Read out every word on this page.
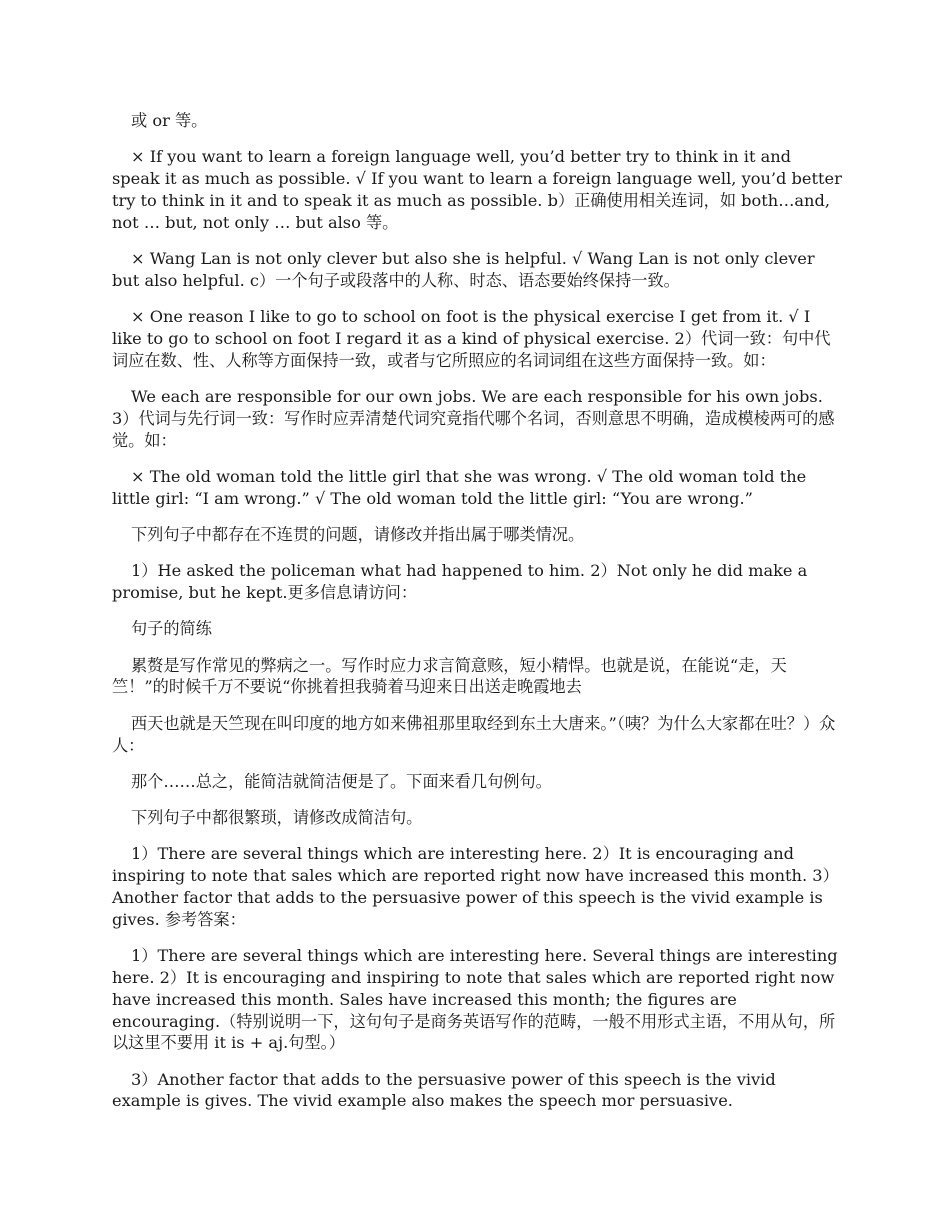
或 or 等。

× If you want to learn a foreign language well, you’d better try to think in it and speak it as much as possible. √ If you want to learn a foreign language well, you’d better try to think in it and to speak it as much as possible. b）正确使用相关连词，如 both…and, not … but, not only … but also 等。

× Wang Lan is not only clever but also she is helpful. √ Wang Lan is not only clever but also helpful. c）一个句子或段落中的人称、时态、语态要始终保持一致。

× One reason I like to go to school on foot is the physical exercise I get from it. √ I like to go to school on foot I regard it as a kind of physical exercise. 2）代词一致：句中代词应在数、性、人称等方面保持一致，或者与它所照应的名词词组在这些方面保持一致。如：

We each are responsible for our own jobs. We are each responsible for his own jobs. 3）代词与先行词一致：写作时应弄清楚代词究竟指代哪个名词，否则意思不明确，造成模棱两可的感觉。如：

× The old woman told the little girl that she was wrong. √ The old woman told the little girl: “I am wrong.” √ The old woman told the little girl: “You are wrong.”

下列句子中都存在不连贯的问题，请修改并指出属于哪类情况。

1）He asked the policeman what had happened to him. 2）Not only he did make a promise, but he kept.更多信息请访问：

句子的简练

累赘是写作常见的弊病之一。写作时应力求言简意赅，短小精悍。也就是说，在能说“走，天竺！”的时候千万不要说“你挑着担我骑着马迎来日出送走晚霞地去

西天也就是天竺现在叫印度的地方如来佛祖那里取经到东土大唐来。”（咦？为什么大家都在吐？）众人：

那个……总之，能简洁就简洁便是了。下面来看几句例句。

下列句子中都很繁琐，请修改成简洁句。

1）There are several things which are interesting here. 2）It is encouraging and inspiring to note that sales which are reported right now have increased this month. 3）Another factor that adds to the persuasive power of this speech is the vivid example is gives. 参考答案：

1）There are several things which are interesting here. Several things are interesting here. 2）It is encouraging and inspiring to note that sales which are reported right now have increased this month. Sales have increased this month; the figures are encouraging.（特别说明一下，这句句子是商务英语写作的范畴，一般不用形式主语，不用从句，所以这里不要用 it is + aj.句型。）

3）Another factor that adds to the persuasive power of this speech is the vivid example is gives. The vivid example also makes the speech mor persuasive.
